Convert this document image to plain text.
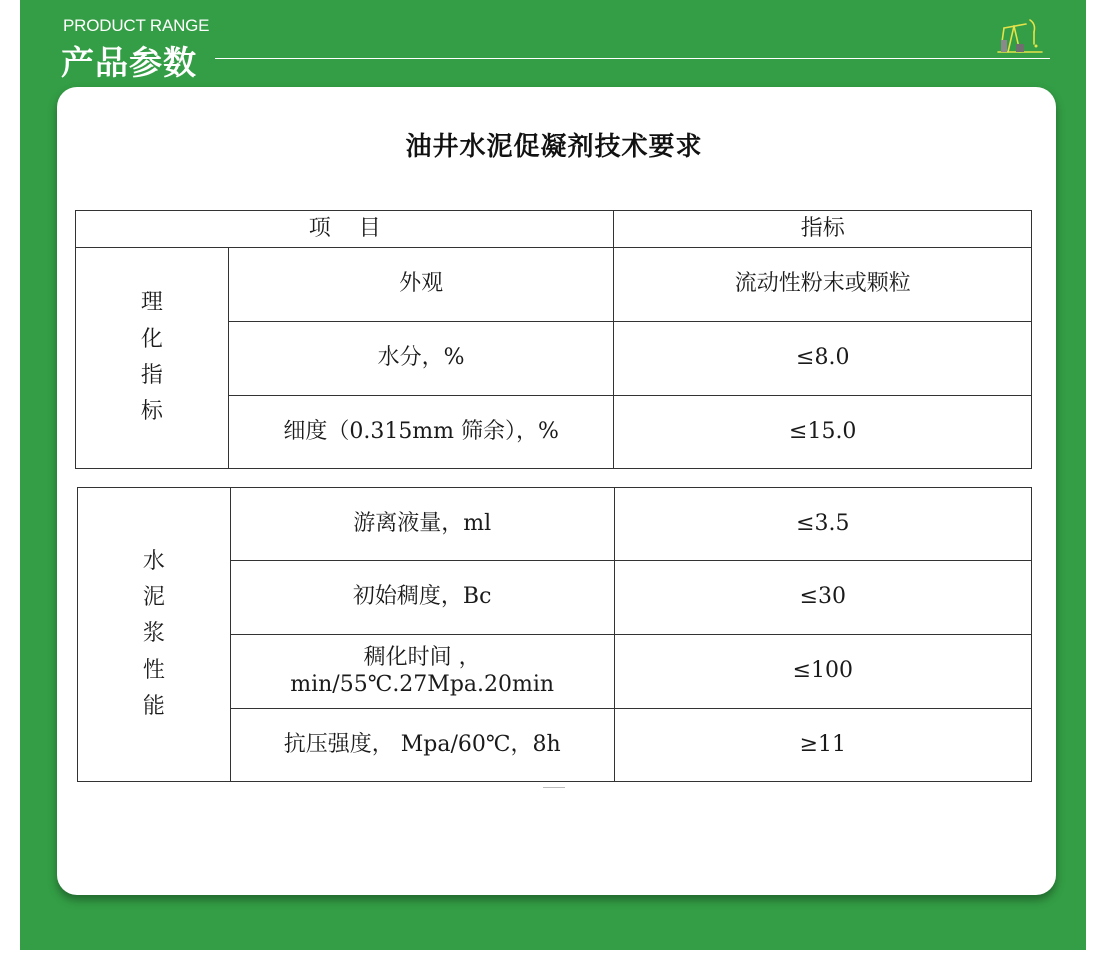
PRODUCT RANGE
产品参数
油井水泥促凝剂技术要求
项    目		指标

理
化
指
标	外观	流动性粉末或颗粒
	水分，%	≤8.0
	细度（0.315mm 筛余），%	≤15.0
水
泥
浆
性
能	游离液量，ml	≤3.5
	初始稠度，Bc	≤30

	稠化时间 ，
min/55℃.27Mpa.20min	≤100
	抗压强度， Mpa/60℃，8h	≥11
